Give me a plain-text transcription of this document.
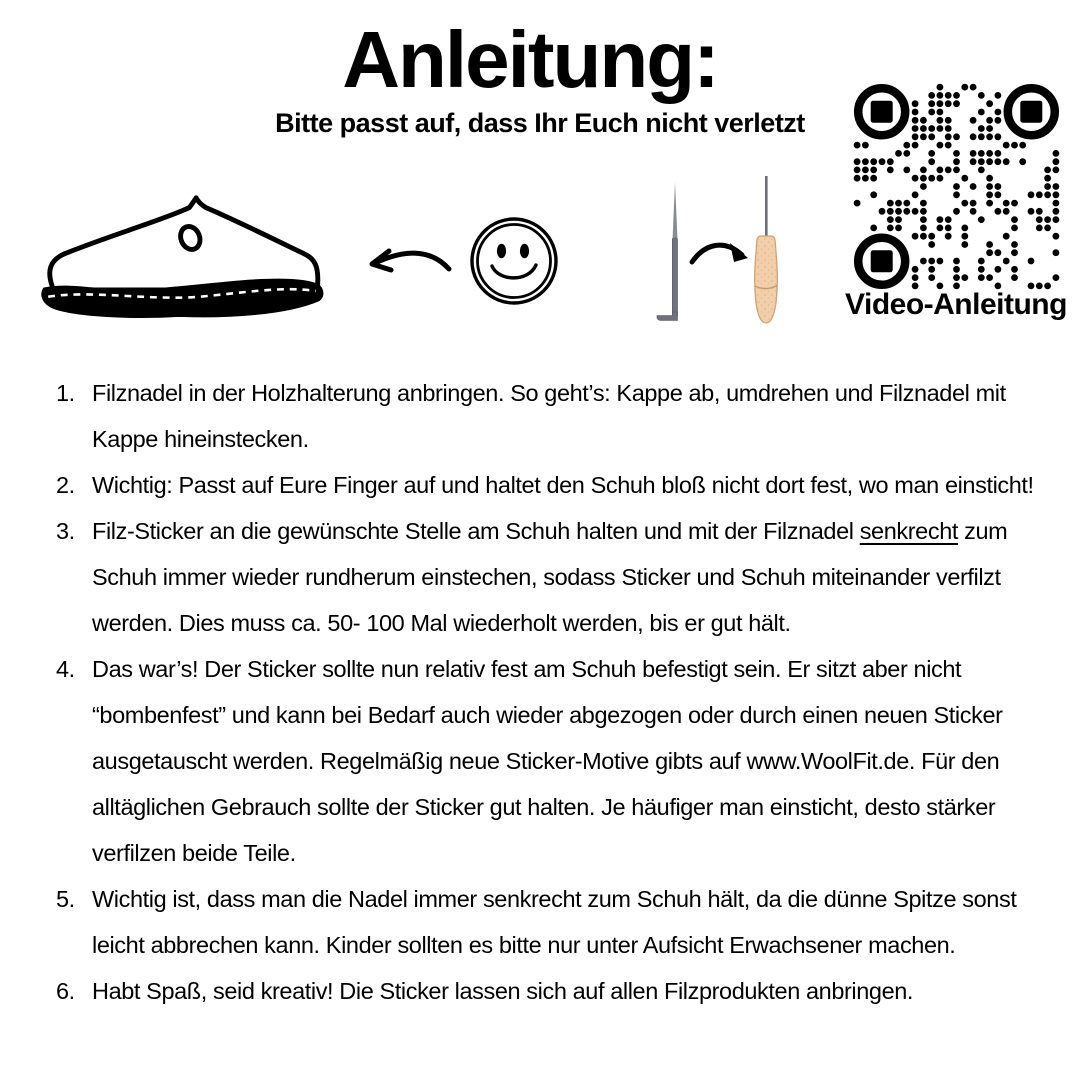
Anleitung:
Bitte passt auf, dass Ihr Euch nicht verletzt
Video-Anleitung
1. Filznadel in der Holzhalterung anbringen. So geht’s: Kappe ab, umdrehen und Filznadel mit Kappe hineinstecken.
2. Wichtig: Passt auf Eure Finger auf und haltet den Schuh bloß nicht dort fest, wo man einsticht!
3. Filz-Sticker an die gewünschte Stelle am Schuh halten und mit der Filznadel senkrecht zum Schuh immer wieder rundherum einstechen, sodass Sticker und Schuh miteinander verfilzt werden. Dies muss ca. 50- 100 Mal wiederholt werden, bis er gut hält.
4. Das war’s! Der Sticker sollte nun relativ fest am Schuh befestigt sein. Er sitzt aber nicht “bombenfest” und kann bei Bedarf auch wieder abgezogen oder durch einen neuen Sticker ausgetauscht werden. Regelmäßig neue Sticker-Motive gibts auf www.WoolFit.de. Für den alltäglichen Gebrauch sollte der Sticker gut halten. Je häufiger man einsticht, desto stärker verfilzen beide Teile.
5. Wichtig ist, dass man die Nadel immer senkrecht zum Schuh hält, da die dünne Spitze sonst leicht abbrechen kann. Kinder sollten es bitte nur unter Aufsicht Erwachsener machen.
6. Habt Spaß, seid kreativ! Die Sticker lassen sich auf allen Filzprodukten anbringen.
